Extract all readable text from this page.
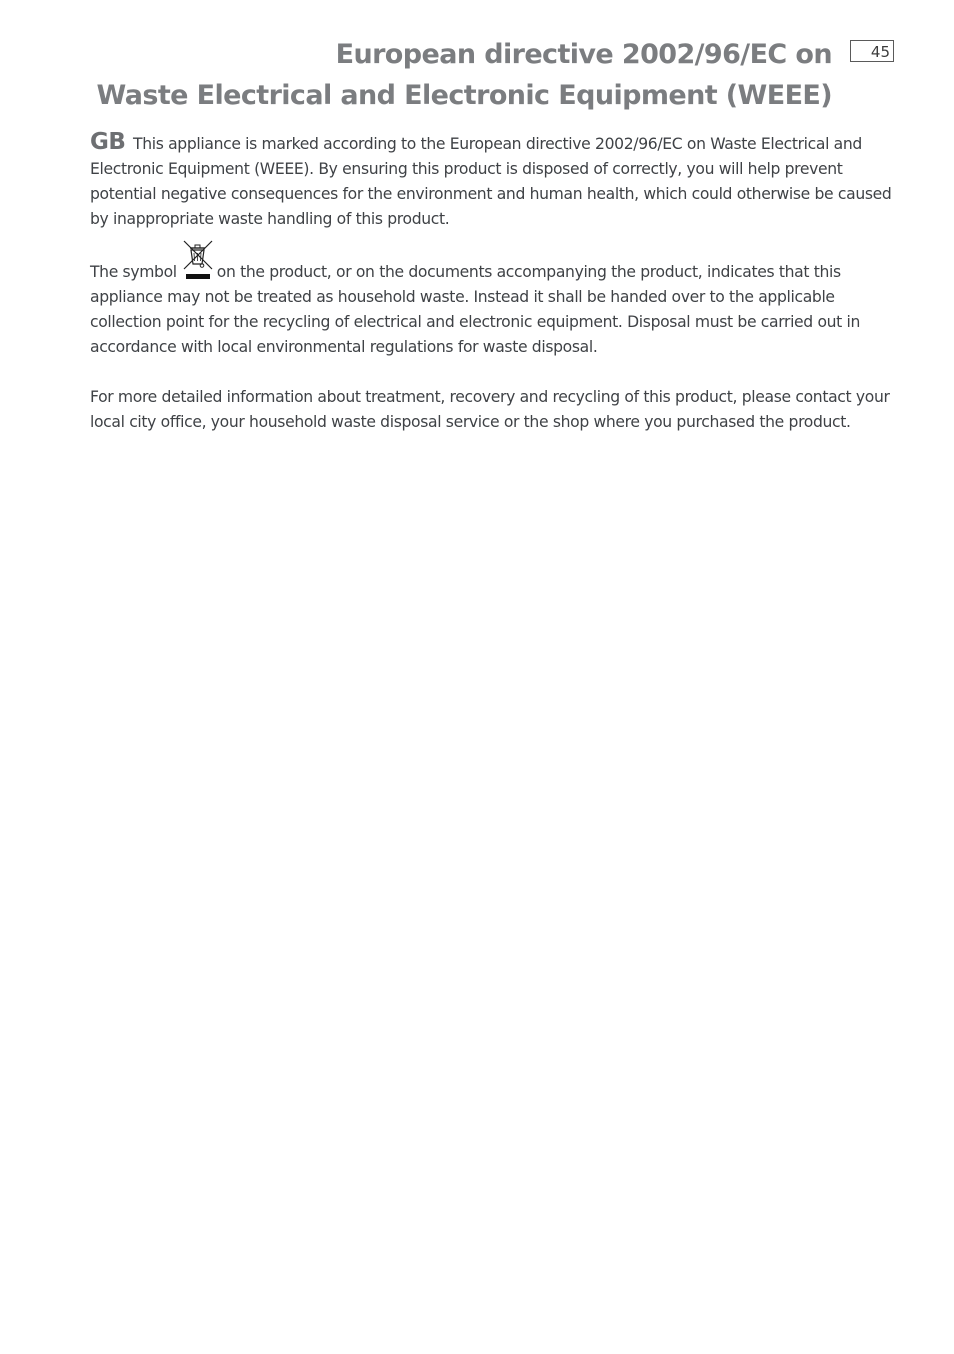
European directive 2002/96/EC on
Waste Electrical and Electronic Equipment (WEEE)
45

GB This appliance is marked according to the European directive 2002/96/EC on Waste Electrical and Electronic Equipment (WEEE). By ensuring this product is disposed of correctly, you will help prevent potential negative consequences for the environment and human health, which could otherwise be caused by inappropriate waste handling of this product.

The symbol	on the product, or on the documents accompanying the product, indicates that this appliance may not be treated as household waste. Instead it shall be handed over to the applicable collection point for the recycling of electrical and electronic equipment. Disposal must be carried out in accordance with local environmental regulations for waste disposal.

For more detailed information about treatment, recovery and recycling of this product, please contact your local city office, your household waste disposal service or the shop where you purchased the product.
